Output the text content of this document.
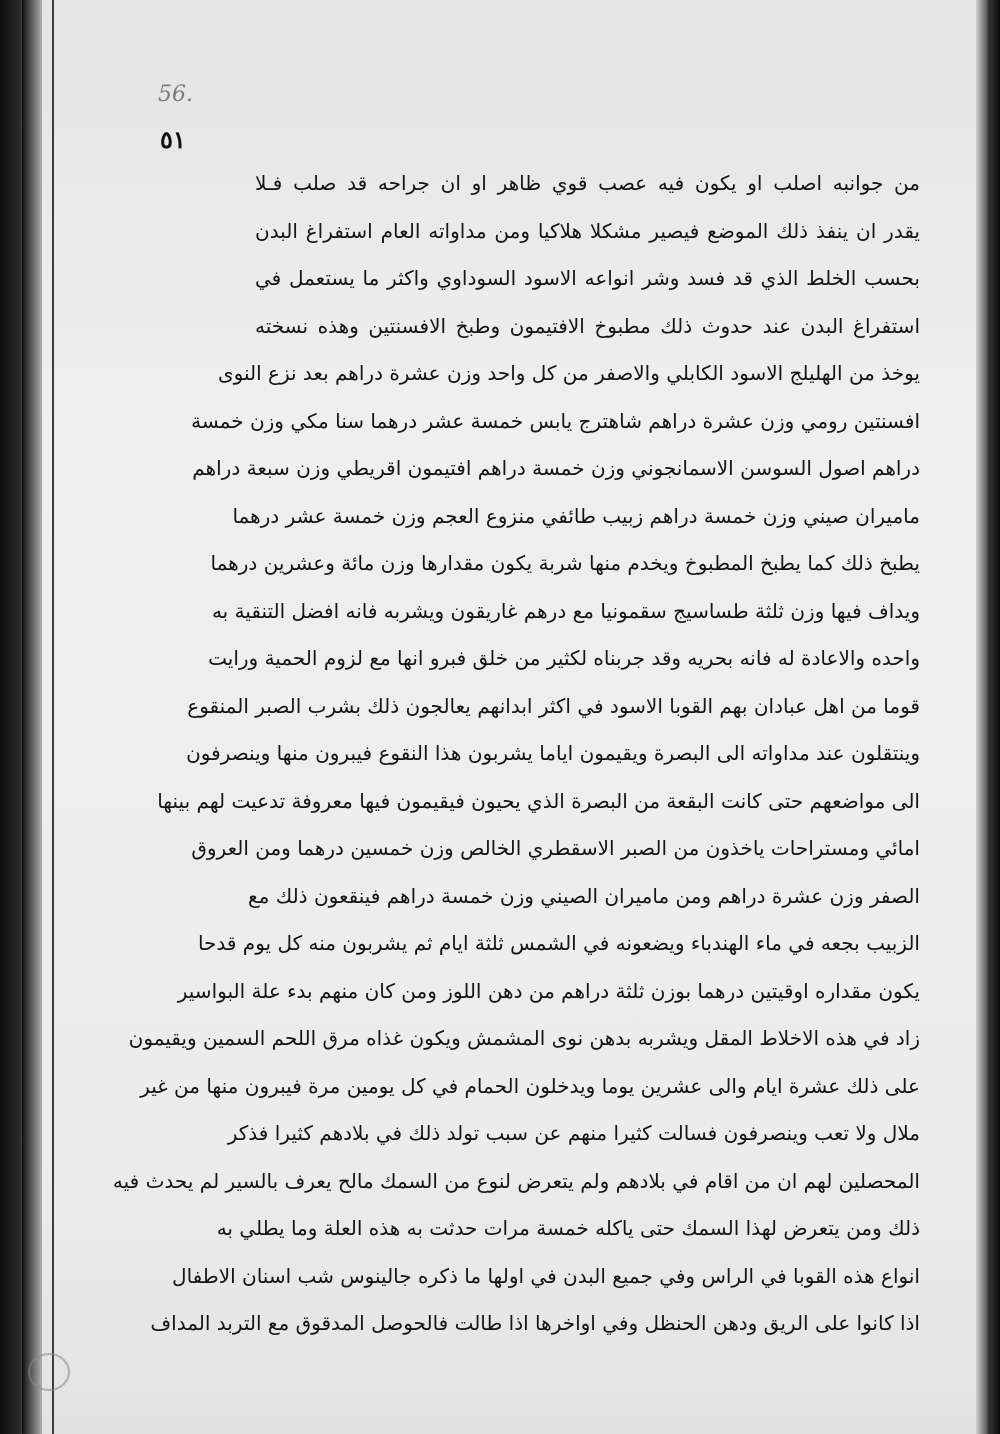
56.
٥١
من جوانبه اصلب او يكون فيه عصب قوي ظاهر او ان جراحه قد صلب فـلا
يقدر ان ينفذ ذلك الموضع فيصير مشكلا هلاكيا ومن مداواته العام استفراغ البدن
بحسب الخلط الذي قد فسد وشر انواعه الاسود السوداوي واكثر ما يستعمل في
استفراغ البدن عند حدوث ذلك مطبوخ الافتيمون وطبخ الافسنتين وهذه نسخته
يوخذ من الهليلج الاسود الكابلي والاصفر من كل واحد وزن عشرة دراهم بعد نزع النوى
افسنتين رومي وزن عشرة دراهم شاهترج يابس خمسة عشر درهما سنا مكي وزن خمسة
دراهم اصول السوسن الاسمانجوني وزن خمسة دراهم افتيمون اقريطي وزن سبعة دراهم
ماميران صيني وزن خمسة دراهم زبيب طائفي منزوع العجم وزن خمسة عشر درهما
يطبخ ذلك كما يطبخ المطبوخ ويخدم منها شربة يكون مقدارها وزن مائة وعشرين درهما
ويداف فيها وزن ثلثة طساسيج سقمونيا مع درهم غاريقون ويشربه فانه افضل التنقية به
واحده والاعادة له فانه بحريه وقد جربناه لكثير من خلق فبرو انها مع لزوم الحمية ورايت
قوما من اهل عبادان بهم القوبا الاسود في اكثر ابدانهم يعالجون ذلك بشرب الصبر المنقوع
وينتقلون عند مداواته الى البصرة ويقيمون اياما يشربون هذا النقوع فيبرون منها وينصرفون
الى مواضعهم حتى كانت البقعة من البصرة الذي يحيون فيقيمون فيها معروفة تدعيت لهم بينها
امائي ومستراحات ياخذون من الصبر الاسقطري الخالص وزن خمسين درهما ومن العروق
الصفر وزن عشرة دراهم ومن ماميران الصيني وزن خمسة دراهم فينقعون ذلك مع
الزبيب بجعه في ماء الهندباء ويضعونه في الشمس ثلثة ايام ثم يشربون منه كل يوم قدحا
يكون مقداره اوقيتين درهما بوزن ثلثة دراهم من دهن اللوز ومن كان منهم بدء علة البواسير
زاد في هذه الاخلاط المقل ويشربه بدهن نوى المشمش ويكون غذاه مرق اللحم السمين ويقيمون
على ذلك عشرة ايام والى عشرين يوما ويدخلون الحمام في كل يومين مرة فيبرون منها من غير
ملال ولا تعب وينصرفون فسالت كثيرا منهم عن سبب تولد ذلك في بلادهم كثيرا فذكر
المحصلين لهم ان من اقام في بلادهم ولم يتعرض لنوع من السمك مالح يعرف بالسير لم يحدث فيه
ذلك ومن يتعرض لهذا السمك حتى ياكله خمسة مرات حدثت به هذه العلة وما يطلي به
انواع هذه القوبا في الراس وفي جميع البدن في اولها ما ذكره جالينوس شب اسنان الاطفال
اذا كانوا على الريق ودهن الحنظل وفي اواخرها اذا طالت فالحوصل المدقوق مع التربد المداف
